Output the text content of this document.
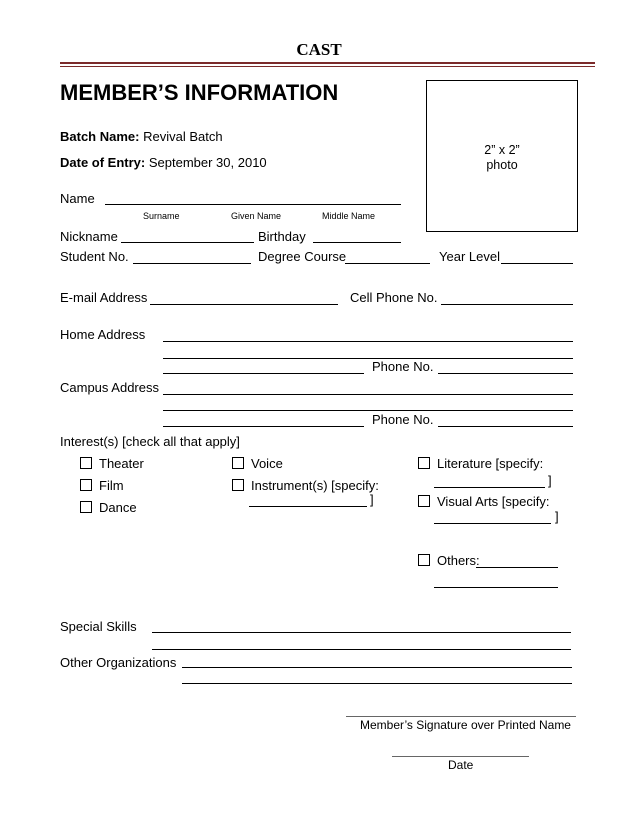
CAST
MEMBER’S INFORMATION
2” x 2”
photo
Batch Name: Revival Batch
Date of Entry: September 30, 2010
Name
Surname	Given Name	Middle Name
Nickname	Birthday
Student No.	Degree Course	Year Level
E-mail Address	Cell Phone No.
Home Address
Phone No.
Campus Address
Phone No.
Interest(s) [check all that apply]
Theater
Film
Dance
Voice
Instrument(s) [specify:
]
Literature [specify:
]
Visual Arts [specify:
]
Others:
Special Skills
Other Organizations
Member’s Signature over Printed Name
Date
